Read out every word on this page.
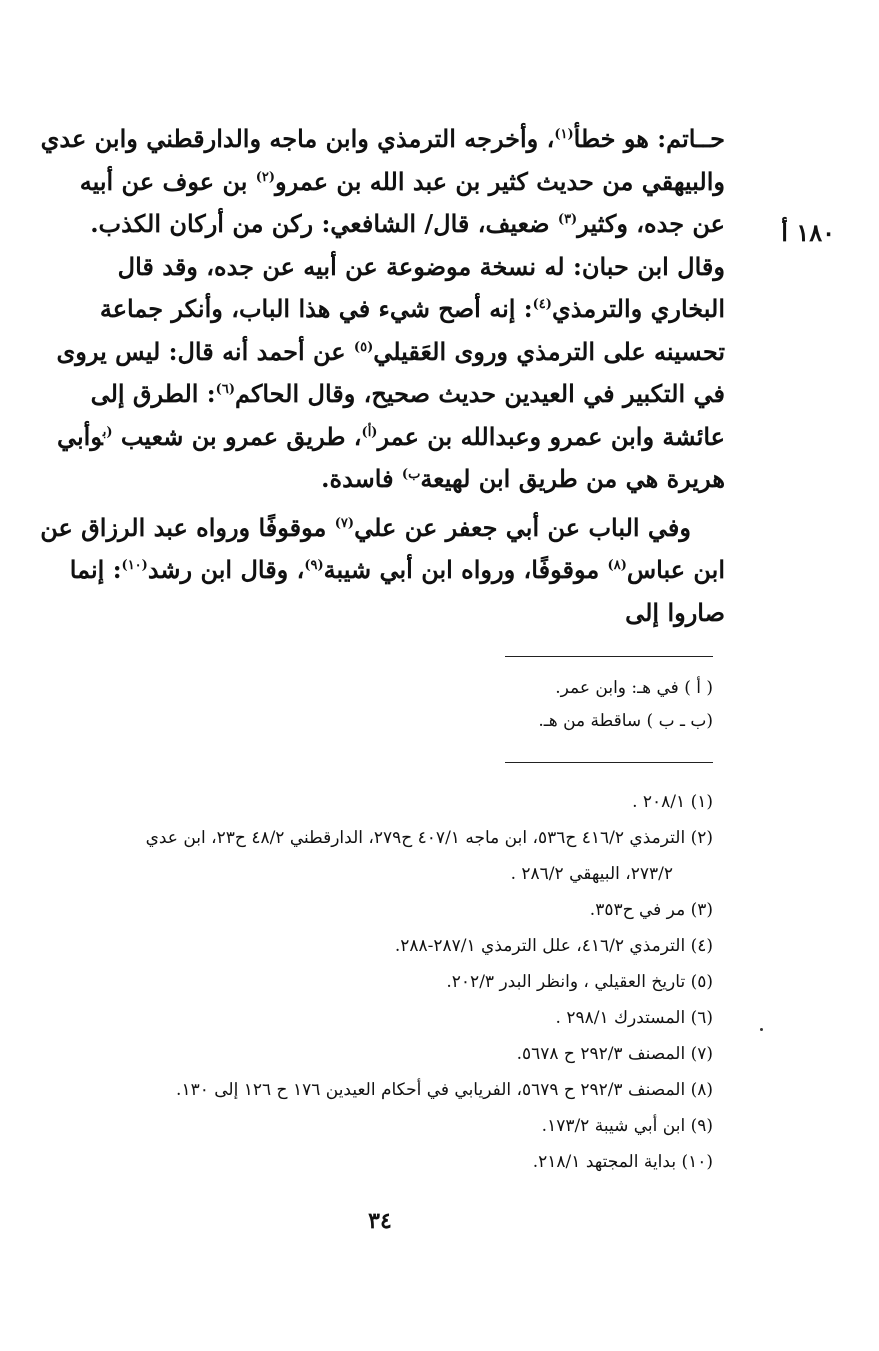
١٨٠ أ

حــاتم: هو خطأ$^{(١)}$، وأخرجه الترمذي وابن ماجه والدارقطني وابن عدي والبيهقي من حديث كثير بن عبد الله بن عمرو$^{(٢)}$ بن عوف عن أبيه عن جده، وكثير$^{(٣)}$ ضعيف، قال/ الشافعي: ركن من أركان الكذب. وقال ابن حبان: له نسخة موضوعة عن أبيه عن جده، وقد قال البخاري والترمذي$^{(٤)}$: إنه أصح شيء في هذا الباب، وأنكر جماعة تحسينه على الترمذي وروى العَقيلي$^{(٥)}$ عن أحمد أنه قال: ليس يروى في التكبير في العيدين حديث صحيح، وقال الحاكم$^{(٦)}$: الطرق إلى عائشة وابن عمرو وعبدالله بن عمر$^{(أ)}$، طريق عمرو بن شعيب $^{(ب}$وأبي هريرة هي من طريق ابن لهيعة$^{ب)}$ فاسدة.

وفي الباب عن أبي جعفر عن علي$^{(٧)}$ موقوفًا ورواه عبد الرزاق عن ابن عباس$^{(٨)}$ موقوفًا، ورواه ابن أبي شيبة$^{(٩)}$، وقال ابن رشد$^{(١٠)}$: إنما صاروا إلى

( أ ) في هـ: وابن عمر.
(ب ـ ب ) ساقطة من هـ.
(١) ٢٠٨/١ .
(٢) الترمذي ٤١٦/٢ ح٥٣٦، ابن ماجه ٤٠٧/١ ح٢٧٩، الدارقطني ٤٨/٢ ح٢٣، ابن عدي
٢٧٣/٢، البيهقي ٢٨٦/٢ .
(٣) مر في ح٣٥٣.
(٤) الترمذي ٤١٦/٢، علل الترمذي ٢٨٧/١-٢٨٨.
(٥) تاريخ العقيلي ، وانظر البدر ٢٠٢/٣.
(٦) المستدرك ٢٩٨/١ .
(٧) المصنف ٢٩٢/٣ ح ٥٦٧٨.
(٨) المصنف ٢٩٢/٣ ح ٥٦٧٩، الفريابي في أحكام العيدين ١٧٦ ح ١٢٦ إلى ١٣٠.
(٩) ابن أبي شيبة ١٧٣/٢.
(١٠) بداية المجتهد ٢١٨/١.
٣٤
